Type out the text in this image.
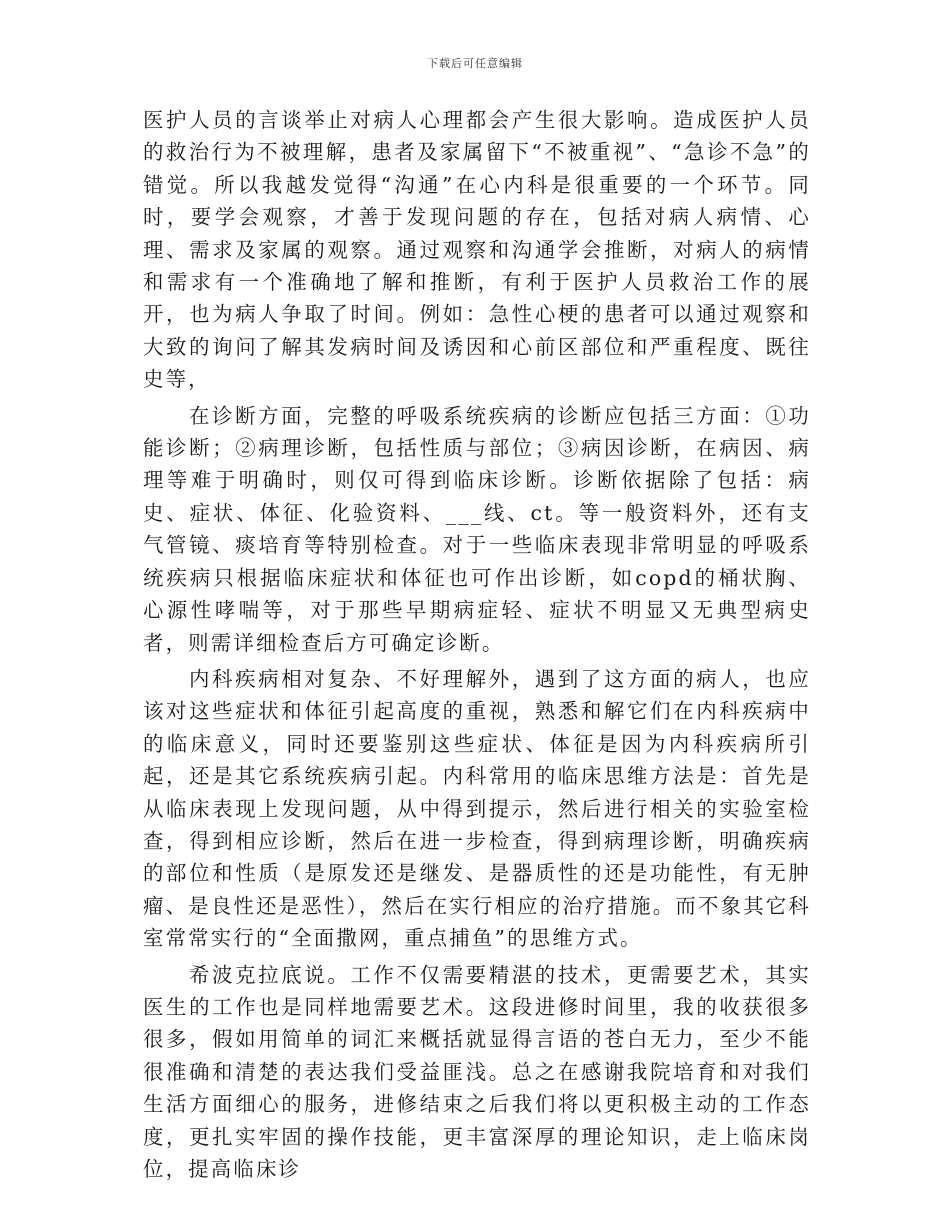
下载后可任意编辑

医护人员的言谈举止对病人心理都会产生很大影响。造成医护人员的救治行为不被理解，患者及家属留下“不被重视”、“急诊不急”的错觉。所以我越发觉得“沟通”在心内科是很重要的一个环节。同时，要学会观察，才善于发现问题的存在，包括对病人病情、心理、需求及家属的观察。通过观察和沟通学会推断，对病人的病情和需求有一个准确地了解和推断，有利于医护人员救治工作的展开，也为病人争取了时间。例如：急性心梗的患者可以通过观察和大致的询问了解其发病时间及诱因和心前区部位和严重程度、既往史等，

在诊断方面，完整的呼吸系统疾病的诊断应包括三方面：①功能诊断；②病理诊断，包括性质与部位；③病因诊断，在病因、病理等难于明确时，则仅可得到临床诊断。诊断依据除了包括：病史、症状、体征、化验资料、___线、ct。等一般资料外，还有支气管镜、痰培育等特别检查。对于一些临床表现非常明显的呼吸系统疾病只根据临床症状和体征也可作出诊断，如copd的桶状胸、心源性哮喘等，对于那些早期病症轻、症状不明显又无典型病史者，则需详细检查后方可确定诊断。

内科疾病相对复杂、不好理解外，遇到了这方面的病人，也应该对这些症状和体征引起高度的重视，熟悉和解它们在内科疾病中的临床意义，同时还要鉴别这些症状、体征是因为内科疾病所引起，还是其它系统疾病引起。内科常用的临床思维方法是：首先是从临床表现上发现问题，从中得到提示，然后进行相关的实验室检查，得到相应诊断，然后在进一步检查，得到病理诊断，明确疾病的部位和性质（是原发还是继发、是器质性的还是功能性，有无肿瘤、是良性还是恶性），然后在实行相应的治疗措施。而不象其它科室常常实行的“全面撒网，重点捕鱼”的思维方式。

希波克拉底说。工作不仅需要精湛的技术，更需要艺术，其实医生的工作也是同样地需要艺术。这段进修时间里，我的收获很多很多，假如用简单的词汇来概括就显得言语的苍白无力，至少不能很准确和清楚的表达我们受益匪浅。总之在感谢我院培育和对我们生活方面细心的服务，进修结束之后我们将以更积极主动的工作态度，更扎实牢固的操作技能，更丰富深厚的理论知识，走上临床岗位，提高临床诊
